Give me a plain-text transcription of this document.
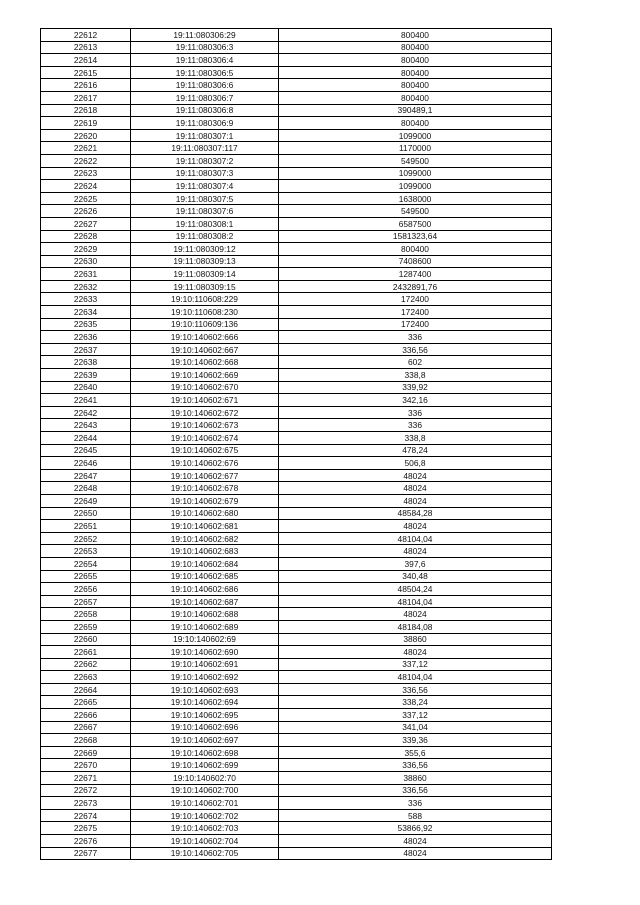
22612	19:11:080306:29	800400
22613	19:11:080306:3	800400
22614	19:11:080306:4	800400
22615	19:11:080306:5	800400
22616	19:11:080306:6	800400
22617	19:11:080306:7	800400
22618	19:11:080306:8	390489,1
22619	19:11:080306:9	800400
22620	19:11:080307:1	1099000
22621	19:11:080307:117	1170000
22622	19:11:080307:2	549500
22623	19:11:080307:3	1099000
22624	19:11:080307:4	1099000
22625	19:11:080307:5	1638000
22626	19:11:080307:6	549500
22627	19:11:080308:1	6587500
22628	19:11:080308:2	1581323,64
22629	19:11:080309:12	800400
22630	19:11:080309:13	7408600
22631	19:11:080309:14	1287400
22632	19:11:080309:15	2432891,76
22633	19:10:110608:229	172400
22634	19:10:110608:230	172400
22635	19:10:110609:136	172400
22636	19:10:140602:666	336
22637	19:10:140602:667	336,56
22638	19:10:140602:668	602
22639	19:10:140602:669	338,8
22640	19:10:140602:670	339,92
22641	19:10:140602:671	342,16
22642	19:10:140602:672	336
22643	19:10:140602:673	336
22644	19:10:140602:674	338,8
22645	19:10:140602:675	478,24
22646	19:10:140602:676	506,8
22647	19:10:140602:677	48024
22648	19:10:140602:678	48024
22649	19:10:140602:679	48024
22650	19:10:140602:680	48584,28
22651	19:10:140602:681	48024
22652	19:10:140602:682	48104,04
22653	19:10:140602:683	48024
22654	19:10:140602:684	397,6
22655	19:10:140602:685	340,48
22656	19:10:140602:686	48504,24
22657	19:10:140602:687	48104,04
22658	19:10:140602:688	48024
22659	19:10:140602:689	48184,08
22660	19:10:140602:69	38860
22661	19:10:140602:690	48024
22662	19:10:140602:691	337,12
22663	19:10:140602:692	48104,04
22664	19:10:140602:693	336,56
22665	19:10:140602:694	338,24
22666	19:10:140602:695	337,12
22667	19:10:140602:696	341,04
22668	19:10:140602:697	339,36
22669	19:10:140602:698	355,6
22670	19:10:140602:699	336,56
22671	19:10:140602:70	38860
22672	19:10:140602:700	336,56
22673	19:10:140602:701	336
22674	19:10:140602:702	588
22675	19:10:140602:703	53866,92
22676	19:10:140602:704	48024
22677	19:10:140602:705	48024
